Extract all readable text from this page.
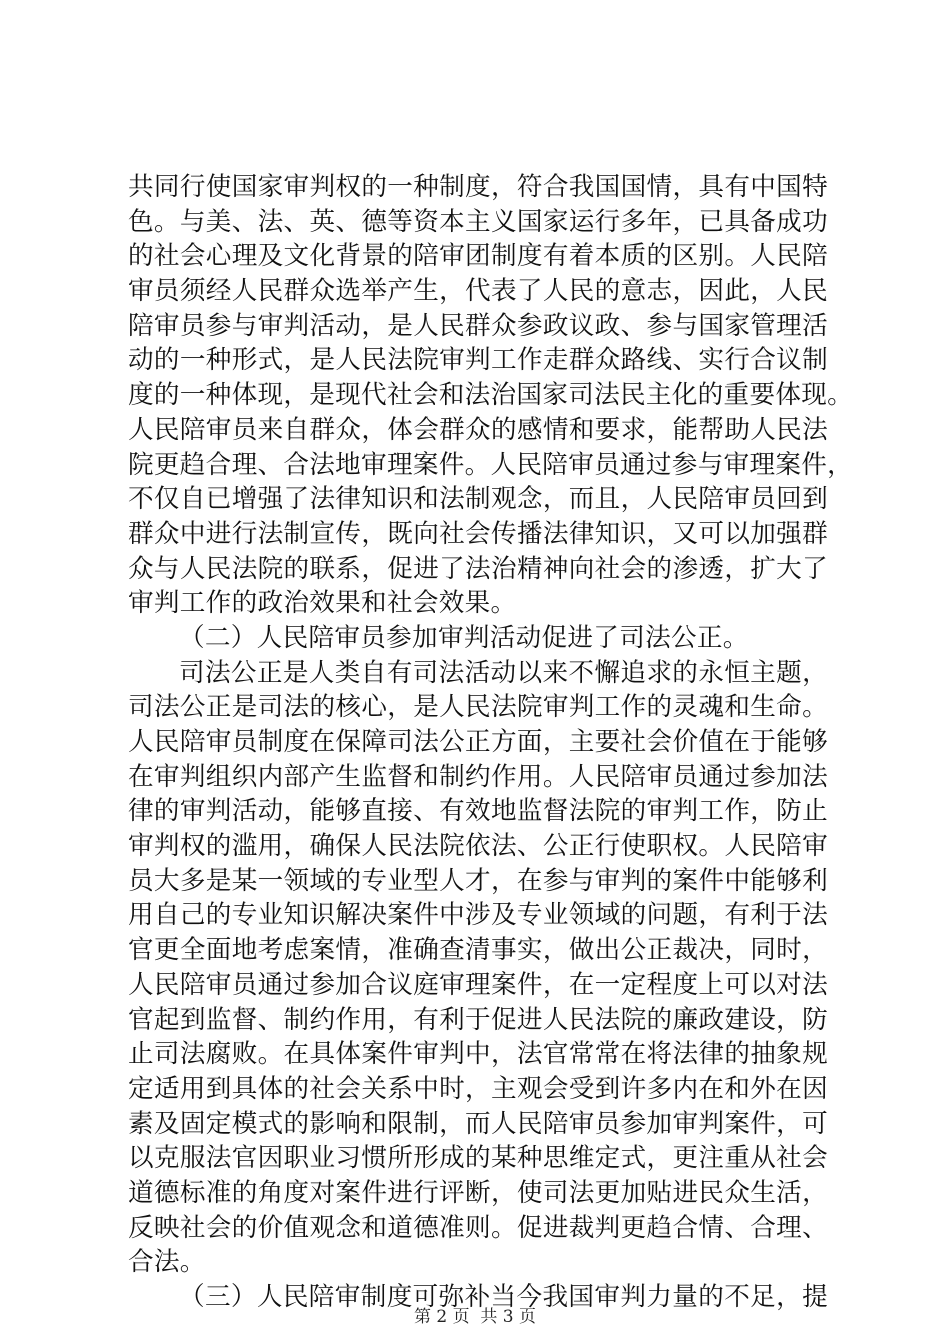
共同行使国家审判权的一种制度，符合我国国情，具有中国特
色。与美、法、英、德等资本主义国家运行多年，已具备成功
的社会心理及文化背景的陪审团制度有着本质的区别。人民陪
审员须经人民群众选举产生，代表了人民的意志，因此，人民
陪审员参与审判活动，是人民群众参政议政、参与国家管理活
动的一种形式，是人民法院审判工作走群众路线、实行合议制
度的一种体现，是现代社会和法治国家司法民主化的重要体现。
人民陪审员来自群众，体会群众的感情和要求，能帮助人民法
院更趋合理、合法地审理案件。人民陪审员通过参与审理案件，
不仅自已增强了法律知识和法制观念，而且，人民陪审员回到
群众中进行法制宣传，既向社会传播法律知识，又可以加强群
众与人民法院的联系，促进了法治精神向社会的渗透，扩大了
审判工作的政治效果和社会效果。
（二）人民陪审员参加审判活动促进了司法公正。
司法公正是人类自有司法活动以来不懈追求的永恒主题，
司法公正是司法的核心，是人民法院审判工作的灵魂和生命。
人民陪审员制度在保障司法公正方面，主要社会价值在于能够
在审判组织内部产生监督和制约作用。人民陪审员通过参加法
律的审判活动，能够直接、有效地监督法院的审判工作，防止
审判权的滥用，确保人民法院依法、公正行使职权。人民陪审
员大多是某一领域的专业型人才，在参与审判的案件中能够利
用自己的专业知识解决案件中涉及专业领域的问题，有利于法
官更全面地考虑案情，准确查清事实，做出公正裁决，同时，
人民陪审员通过参加合议庭审理案件，在一定程度上可以对法
官起到监督、制约作用，有利于促进人民法院的廉政建设，防
止司法腐败。在具体案件审判中，法官常常在将法律的抽象规
定适用到具体的社会关系中时，主观会受到许多内在和外在因
素及固定模式的影响和限制，而人民陪审员参加审判案件，可
以克服法官因职业习惯所形成的某种思维定式，更注重从社会
道德标准的角度对案件进行评断，使司法更加贴进民众生活，
反映社会的价值观念和道德准则。促进裁判更趋合情、合理、
合法。
（三）人民陪审制度可弥补当今我国审判力量的不足，提
第 2 页  共 3 页
